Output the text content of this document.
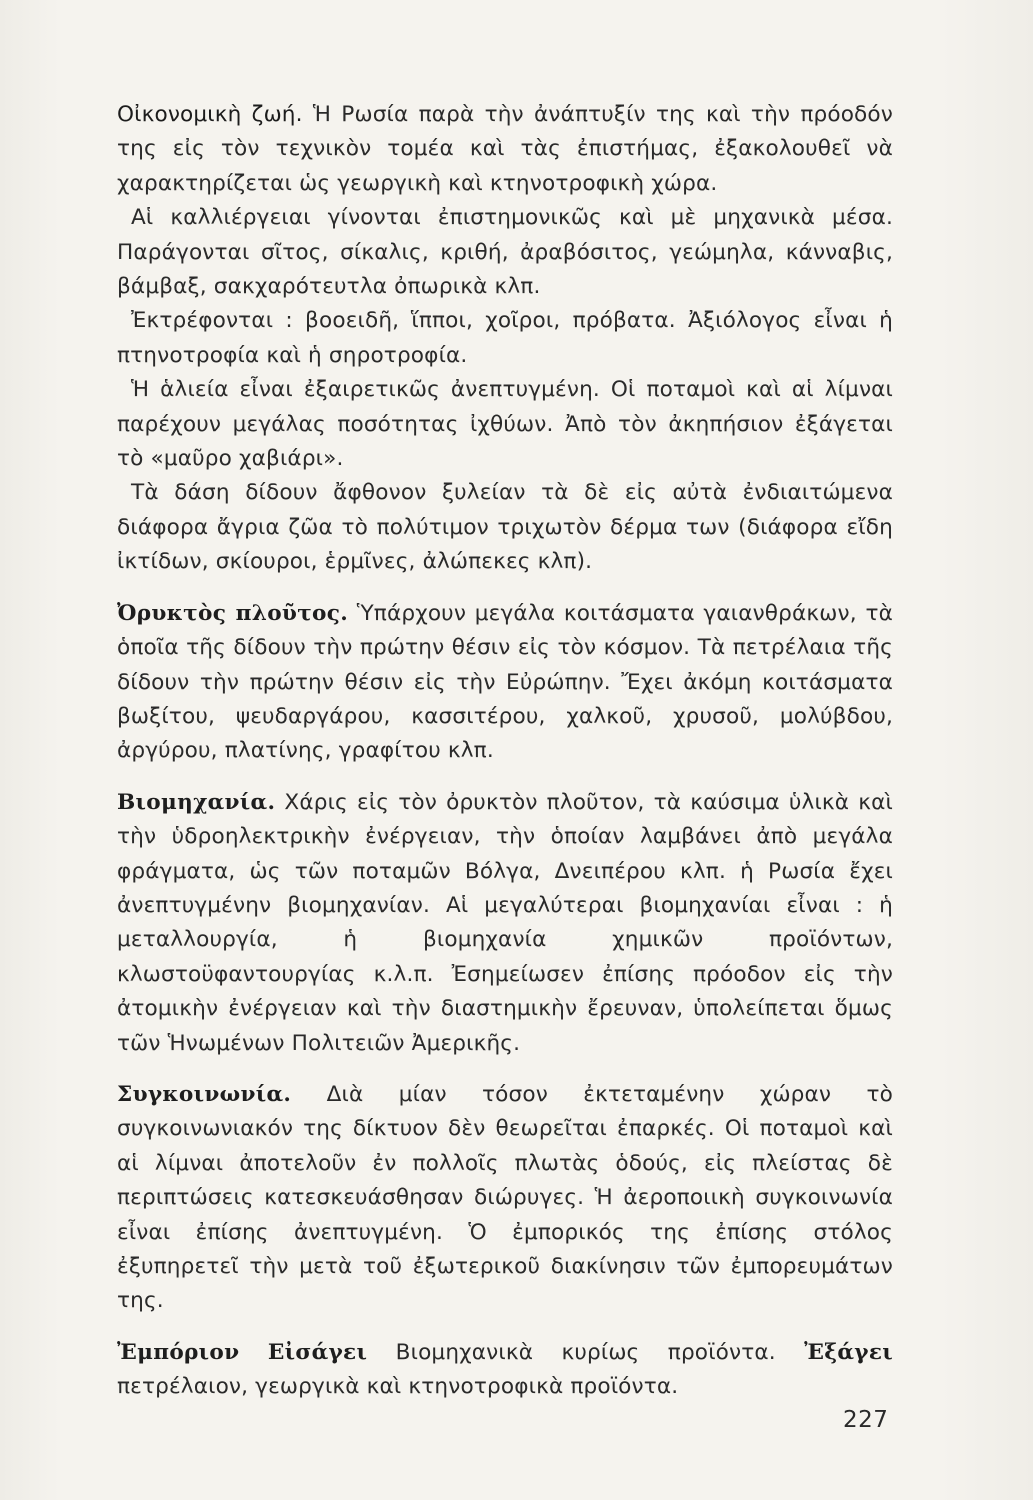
Οἰκονομικὴ ζωή. Ἡ Ρωσία παρὰ τὴν ἀνάπτυξίν της καὶ τὴν πρόοδόν της εἰς τὸν τεχνικὸν τομέα καὶ τὰς ἐπιστήμας, ἐξακολουθεῖ νὰ χαρακτηρίζεται ὡς γεωργικὴ καὶ κτηνοτροφικὴ χώρα.

Αἱ καλλιέργειαι γίνονται ἐπιστημονικῶς καὶ μὲ μηχανικὰ μέσα. Παράγονται σῖτος, σίκαλις, κριθή, ἀραβόσιτος, γεώμηλα, κάνναβις, βάμβαξ, σακχαρότευτλα ὀπωρικὰ κλπ.

Ἐκτρέφονται : βοοειδῆ, ἵπποι, χοῖροι, πρόβατα. Ἀξιόλογος εἶναι ἡ πτηνοτροφία καὶ ἡ σηροτροφία.

Ἡ ἁλιεία εἶναι ἐξαιρετικῶς ἀνεπτυγμένη. Οἱ ποταμοὶ καὶ αἱ λίμναι παρέχουν μεγάλας ποσότητας ἰχθύων. Ἀπὸ τὸν ἀκηπήσιον ἐξάγεται τὸ «μαῦρο χαβιάρι».

Τὰ δάση δίδουν ἄφθονον ξυλείαν τὰ δὲ εἰς αὐτὰ ἐνδιαιτώμενα διάφορα ἄγρια ζῶα τὸ πολύτιμον τριχωτὸν δέρμα των (διάφορα εἴδη ἰκτίδων, σκίουροι, ἑρμῖνες, ἀλώπεκες κλπ).

Ὀρυκτὸς πλοῦτος. Ὑπάρχουν μεγάλα κοιτάσματα γαιανθράκων, τὰ ὁποῖα τῆς δίδουν τὴν πρώτην θέσιν εἰς τὸν κόσμον. Τὰ πετρέλαια τῆς δίδουν τὴν πρώτην θέσιν εἰς τὴν Εὐρώπην. Ἔχει ἀκόμη κοιτάσματα βωξίτου, ψευδαργάρου, κασσιτέρου, χαλκοῦ, χρυσοῦ, μολύβδου, ἀργύρου, πλατίνης, γραφίτου κλπ.

Βιομηχανία. Χάρις εἰς τὸν ὀρυκτὸν πλοῦτον, τὰ καύσιμα ὑλικὰ καὶ τὴν ὑδροηλεκτρικὴν ἐνέργειαν, τὴν ὁποίαν λαμβάνει ἀπὸ μεγάλα φράγματα, ὡς τῶν ποταμῶν Βόλγα, Δνειπέρου κλπ. ἡ Ρωσία ἔχει ἀνεπτυγμένην βιομηχανίαν. Αἱ μεγαλύτεραι βιομηχανίαι εἶναι : ἡ μεταλλουργία, ἡ βιομηχανία χημικῶν προϊόντων, κλωστοϋφαντουργίας κ.λ.π. Ἐσημείωσεν ἐπίσης πρόοδον εἰς τὴν ἀτομικὴν ἐνέργειαν καὶ τὴν διαστημικὴν ἔρευναν, ὑπολείπεται ὅμως τῶν Ἡνωμένων Πολιτειῶν Ἀμερικῆς.

Συγκοινωνία. Διὰ μίαν τόσον ἐκτεταμένην χώραν τὸ συγκοινωνιακόν της δίκτυον δὲν θεωρεῖται ἐπαρκές. Οἱ ποταμοὶ καὶ αἱ λίμναι ἀποτελοῦν ἐν πολλοῖς πλωτὰς ὁδούς, εἰς πλείστας δὲ περιπτώσεις κατεσκευάσθησαν διώρυγες. Ἡ ἀεροποιικὴ συγκοινωνία εἶναι ἐπίσης ἀνεπτυγμένη. Ὁ ἐμπορικός της ἐπίσης στόλος ἐξυπηρετεῖ τὴν μετὰ τοῦ ἐξωτερικοῦ διακίνησιν τῶν ἐμπορευμάτων της.

Ἐμπόριον Εἰσάγει Βιομηχανικὰ κυρίως προϊόντα. Ἐξάγει πετρέλαιον, γεωργικὰ καὶ κτηνοτροφικὰ προϊόντα.

227
